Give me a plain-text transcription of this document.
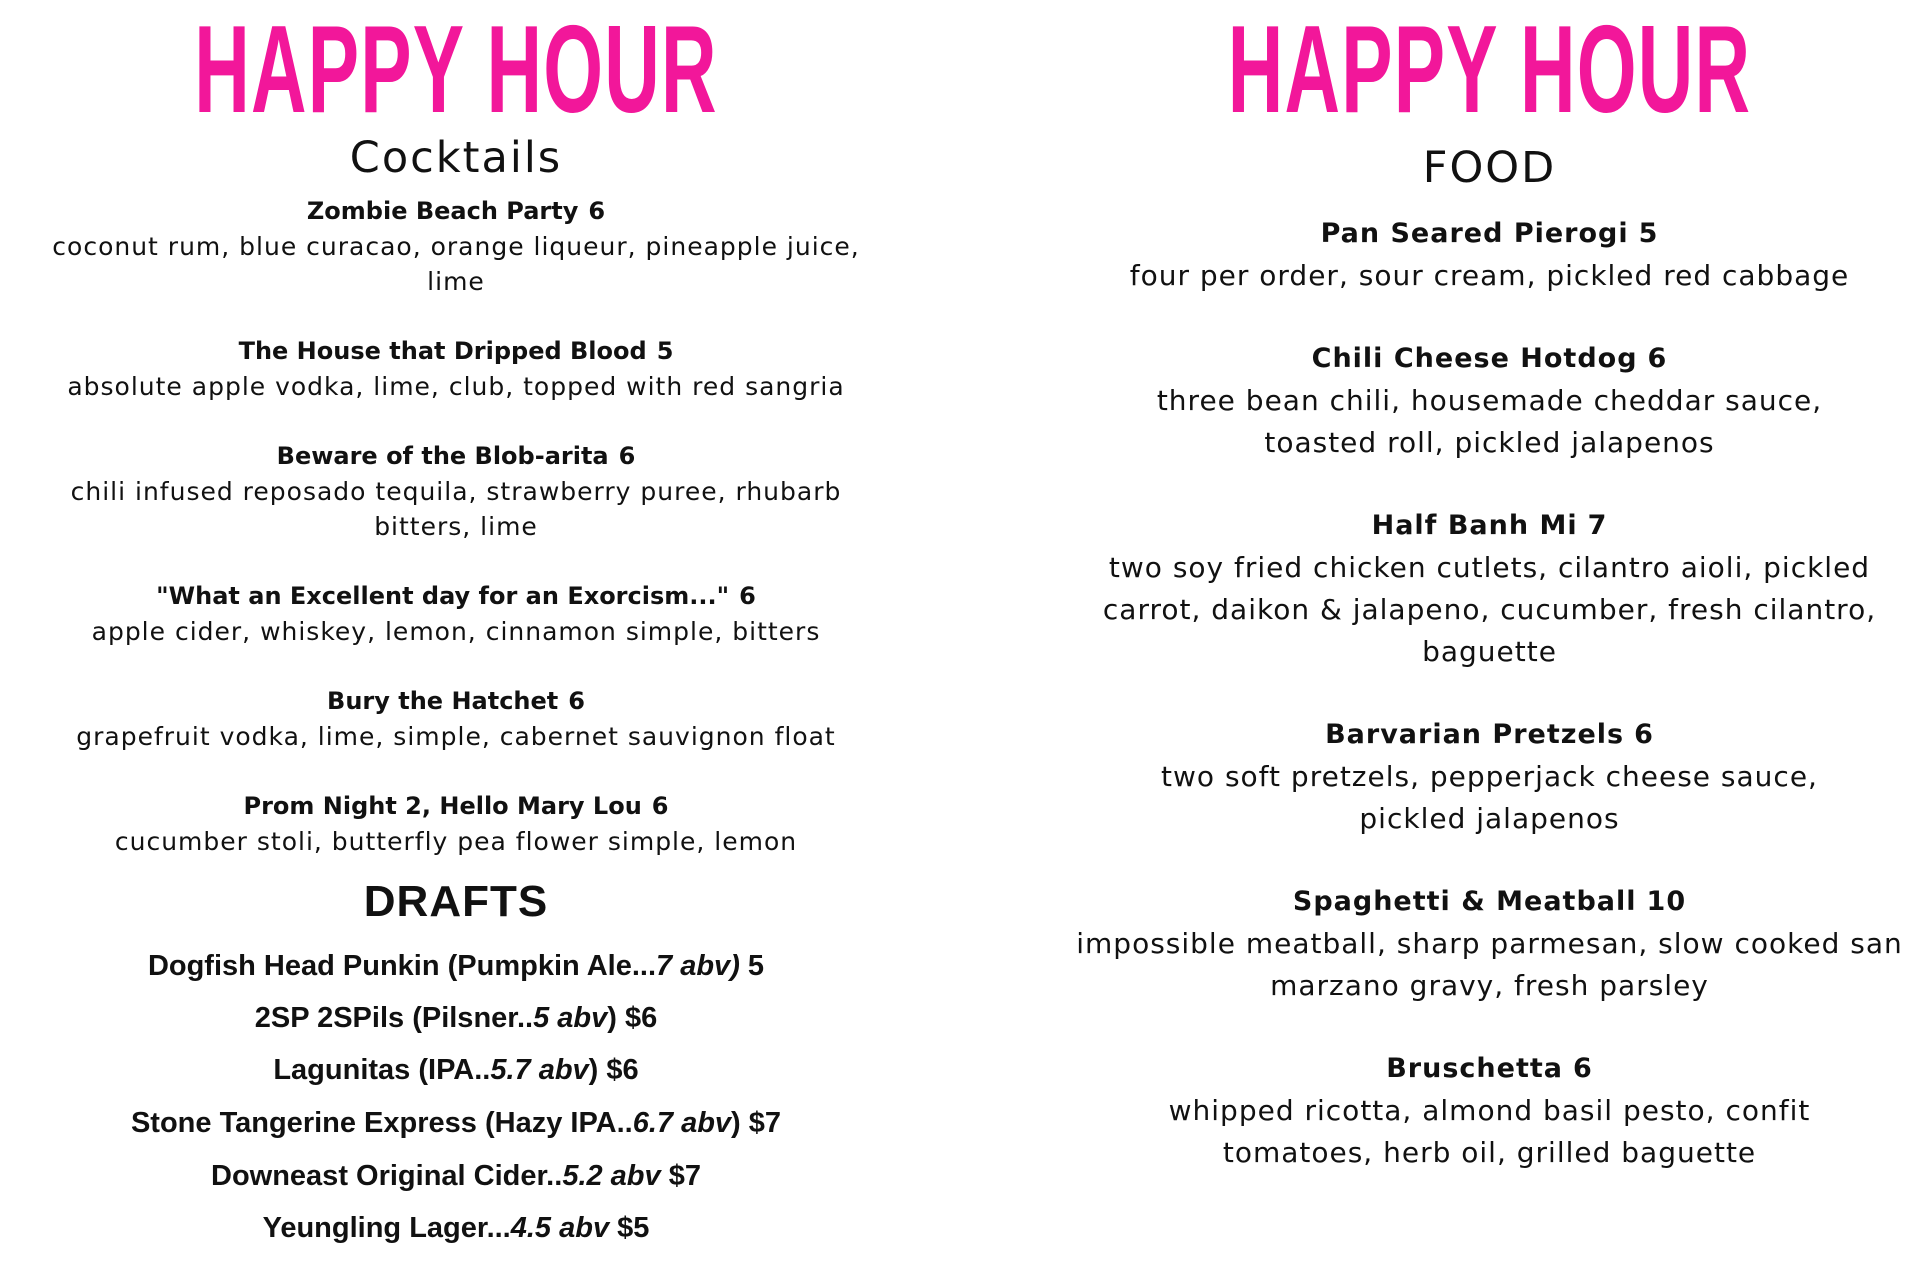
HAPPY HOUR
Cocktails
Zombie Beach Party 6
coconut rum, blue curacao, orange liqueur, pineapple juice, lime
The House that Dripped Blood 5
absolute apple vodka, lime, club, topped with red sangria
Beware of the Blob-arita 6
chili infused reposado tequila, strawberry puree, rhubarb bitters, lime
"What an Excellent day for an Exorcism..." 6
apple cider, whiskey, lemon, cinnamon simple, bitters
Bury the Hatchet 6
grapefruit vodka, lime, simple, cabernet sauvignon float
Prom Night 2, Hello Mary Lou 6
cucumber stoli, butterfly pea flower simple, lemon
DRAFTS
Dogfish Head Punkin (Pumpkin Ale...7 abv) 5
2SP 2SPils (Pilsner..5 abv) $6
Lagunitas (IPA..5.7 abv) $6
Stone Tangerine Express (Hazy IPA..6.7 abv) $7
Downeast Original Cider..5.2 abv $7
Yeungling Lager...4.5 abv $5
HAPPY HOUR
FOOD
Pan Seared Pierogi 5
four per order, sour cream, pickled red cabbage
Chili Cheese Hotdog 6
three bean chili, housemade cheddar sauce, toasted roll, pickled jalapenos
Half Banh Mi 7
two soy fried chicken cutlets, cilantro aioli, pickled carrot, daikon & jalapeno, cucumber, fresh cilantro, baguette
Barvarian Pretzels 6
two soft pretzels, pepperjack cheese sauce, pickled jalapenos
Spaghetti & Meatball 10
impossible meatball, sharp parmesan, slow cooked san marzano gravy, fresh parsley
Bruschetta 6
whipped ricotta, almond basil pesto, confit tomatoes, herb oil, grilled baguette
